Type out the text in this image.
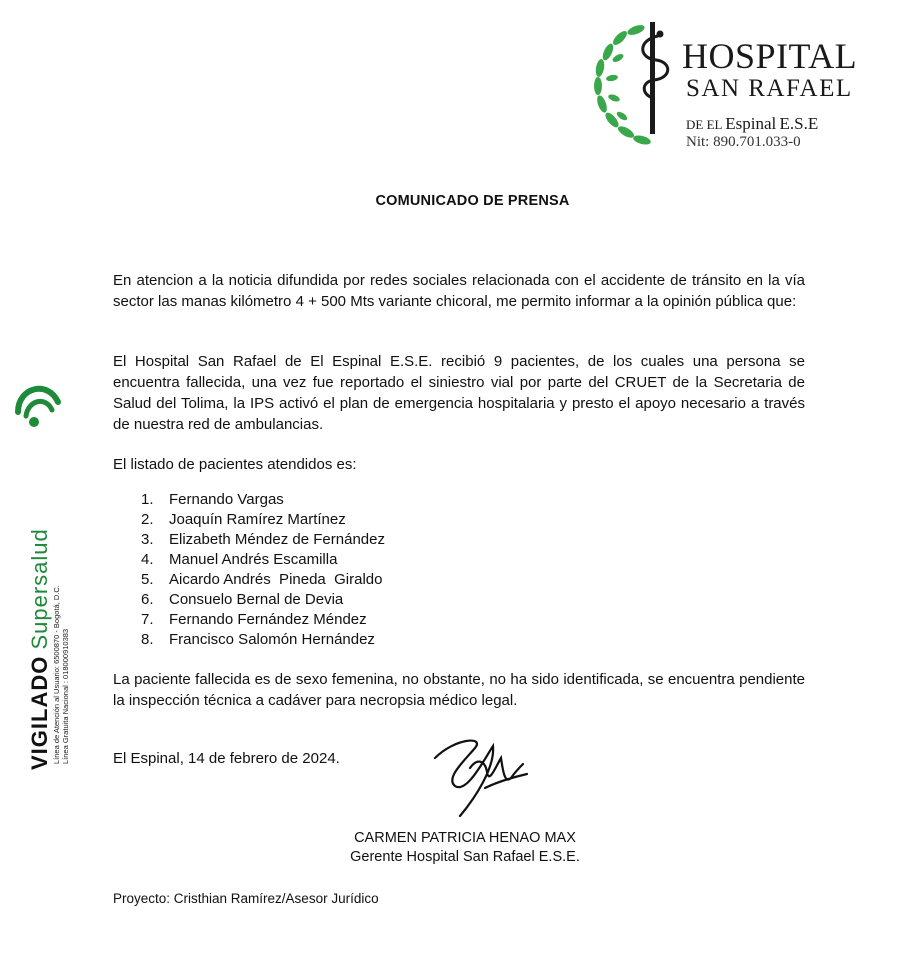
HOSPITAL
SAN RAFAEL
DE EL Espinal E.S.E
Nit: 890.701.033-0
VIGILADO Supersalud Línea de Atención al Usuario: 6500870 - Bogotá, D.C. Línea Gratuita Nacional : 018000910383
COMUNICADO DE PRENSA

En atencion a la noticia difundida por redes sociales relacionada con el accidente de tránsito en la vía sector las manas kilómetro 4 + 500 Mts variante chicoral, me permito informar a la opinión pública que:

El Hospital San Rafael de El Espinal E.S.E. recibió 9 pacientes, de los cuales una persona se encuentra fallecida, una vez fue reportado el siniestro vial por parte del CRUET de la Secretaria de Salud del Tolima, la IPS activó el plan de emergencia hospitalaria y presto el apoyo necesario a través de nuestra red de ambulancias.

El listado de pacientes atendidos es:

1.	Fernando Vargas
2.	Joaquín Ramírez Martínez
3.	Elizabeth Méndez de Fernández
4.	Manuel Andrés Escamilla
5.	Aicardo Andrés  Pineda  Giraldo
6.	Consuelo Bernal de Devia
7.	Fernando Fernández Méndez
8.	Francisco Salomón Hernández

La paciente fallecida es de sexo femenina, no obstante, no ha sido identificada, se encuentra pendiente la inspección técnica a cadáver para necropsia médico legal.

El Espinal, 14 de febrero de 2024.
CARMEN PATRICIA HENAO MAX
Gerente Hospital San Rafael E.S.E.
Proyecto: Cristhian Ramírez/Asesor Jurídico
